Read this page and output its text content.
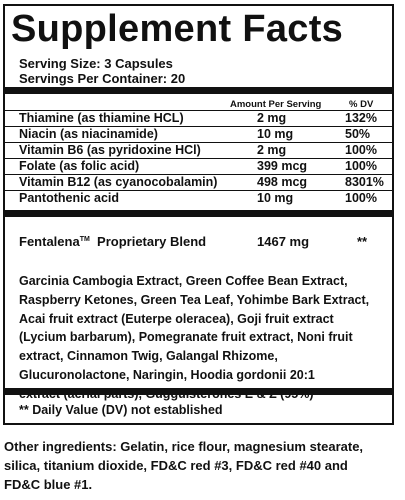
Supplement Facts
Serving Size: 3 Capsules
Servings Per Container: 20
Amount Per Serving	% DV
Thiamine (as thiamine HCL)	2 mg	132%
Niacin (as niacinamide)	10 mg	50%
Vitamin B6 (as pyridoxine HCl)	2 mg	100%
Folate (as folic acid)	399 mcg	100%
Vitamin B12 (as cyanocobalamin)	498 mcg	8301%
Pantothenic acid	10 mg	100%
Fentalena™ Proprietary Blend	1467 mg	**
Garcinia Cambogia Extract, Green Coffee Bean Extract,
Raspberry Ketones, Green Tea Leaf, Yohimbe Bark Extract,
Acai fruit extract (Euterpe oleracea), Goji fruit extract
(Lycium barbarum), Pomegranate fruit extract, Noni fruit
extract, Cinnamon Twig, Galangal Rhizome,
Glucuronolactone, Naringin, Hoodia gordonii 20:1
** Daily Value (DV) not established
Other ingredients: Gelatin, rice flour, magnesium stearate,
silica, titanium dioxide, FD&C red #3, FD&C red #40 and
FD&C blue #1.
